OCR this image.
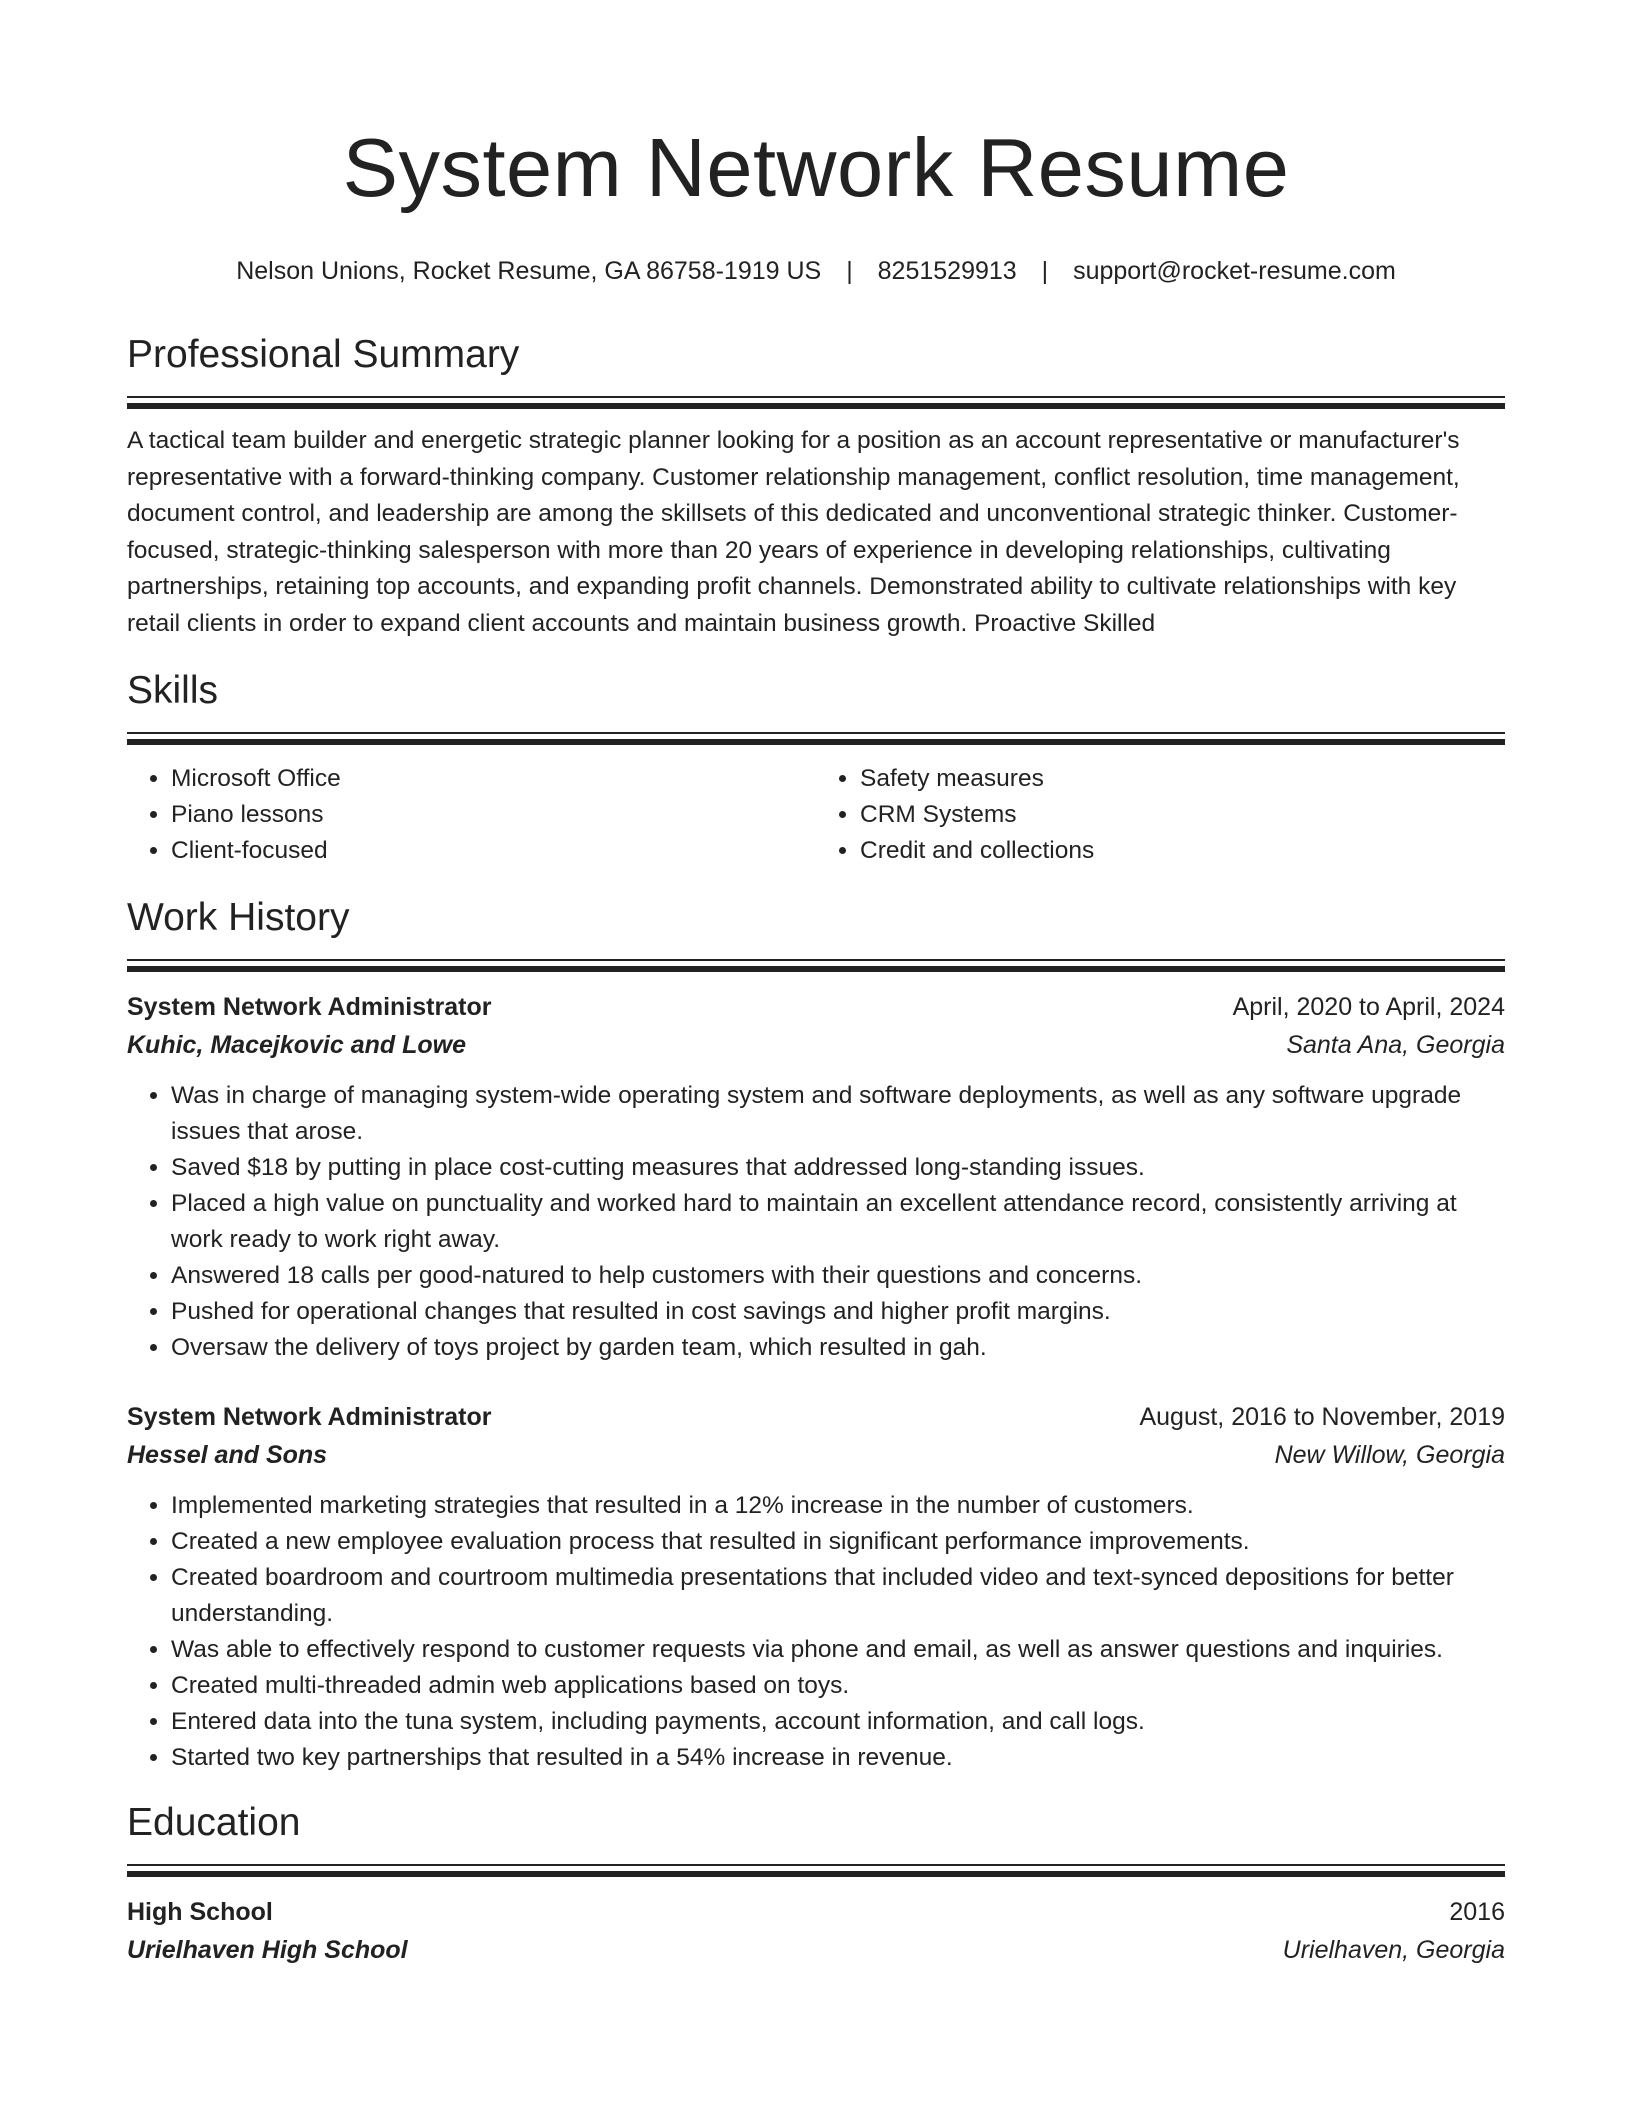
System Network Resume
Nelson Unions, Rocket Resume, GA 86758-1919 US | 8251529913 | support@rocket-resume.com
Professional Summary

A tactical team builder and energetic strategic planner looking for a position as an account representative or manufacturer's representative with a forward-thinking company. Customer relationship management, conflict resolution, time management, document control, and leadership are among the skillsets of this dedicated and unconventional strategic thinker. Customer-focused, strategic-thinking salesperson with more than 20 years of experience in developing relationships, cultivating partnerships, retaining top accounts, and expanding profit channels. Demonstrated ability to cultivate relationships with key retail clients in order to expand client accounts and maintain business growth. Proactive Skilled

Skills
• Microsoft Office
• Piano lessons
• Client-focused
• Safety measures
• CRM Systems
• Credit and collections
Work History
System Network Administrator	April, 2020 to April, 2024
Kuhic, Macejkovic and Lowe	Santa Ana, Georgia
• Was in charge of managing system-wide operating system and software deployments, as well as any software upgrade issues that arose.
• Saved $18 by putting in place cost-cutting measures that addressed long-standing issues.
• Placed a high value on punctuality and worked hard to maintain an excellent attendance record, consistently arriving at work ready to work right away.
• Answered 18 calls per good-natured to help customers with their questions and concerns.
• Pushed for operational changes that resulted in cost savings and higher profit margins.
• Oversaw the delivery of toys project by garden team, which resulted in gah.
System Network Administrator	August, 2016 to November, 2019
Hessel and Sons	New Willow, Georgia
• Implemented marketing strategies that resulted in a 12% increase in the number of customers.
• Created a new employee evaluation process that resulted in significant performance improvements.
• Created boardroom and courtroom multimedia presentations that included video and text-synced depositions for better understanding.
• Was able to effectively respond to customer requests via phone and email, as well as answer questions and inquiries.
• Created multi-threaded admin web applications based on toys.
• Entered data into the tuna system, including payments, account information, and call logs.
• Started two key partnerships that resulted in a 54% increase in revenue.
Education
High School	2016
Urielhaven High School	Urielhaven, Georgia
